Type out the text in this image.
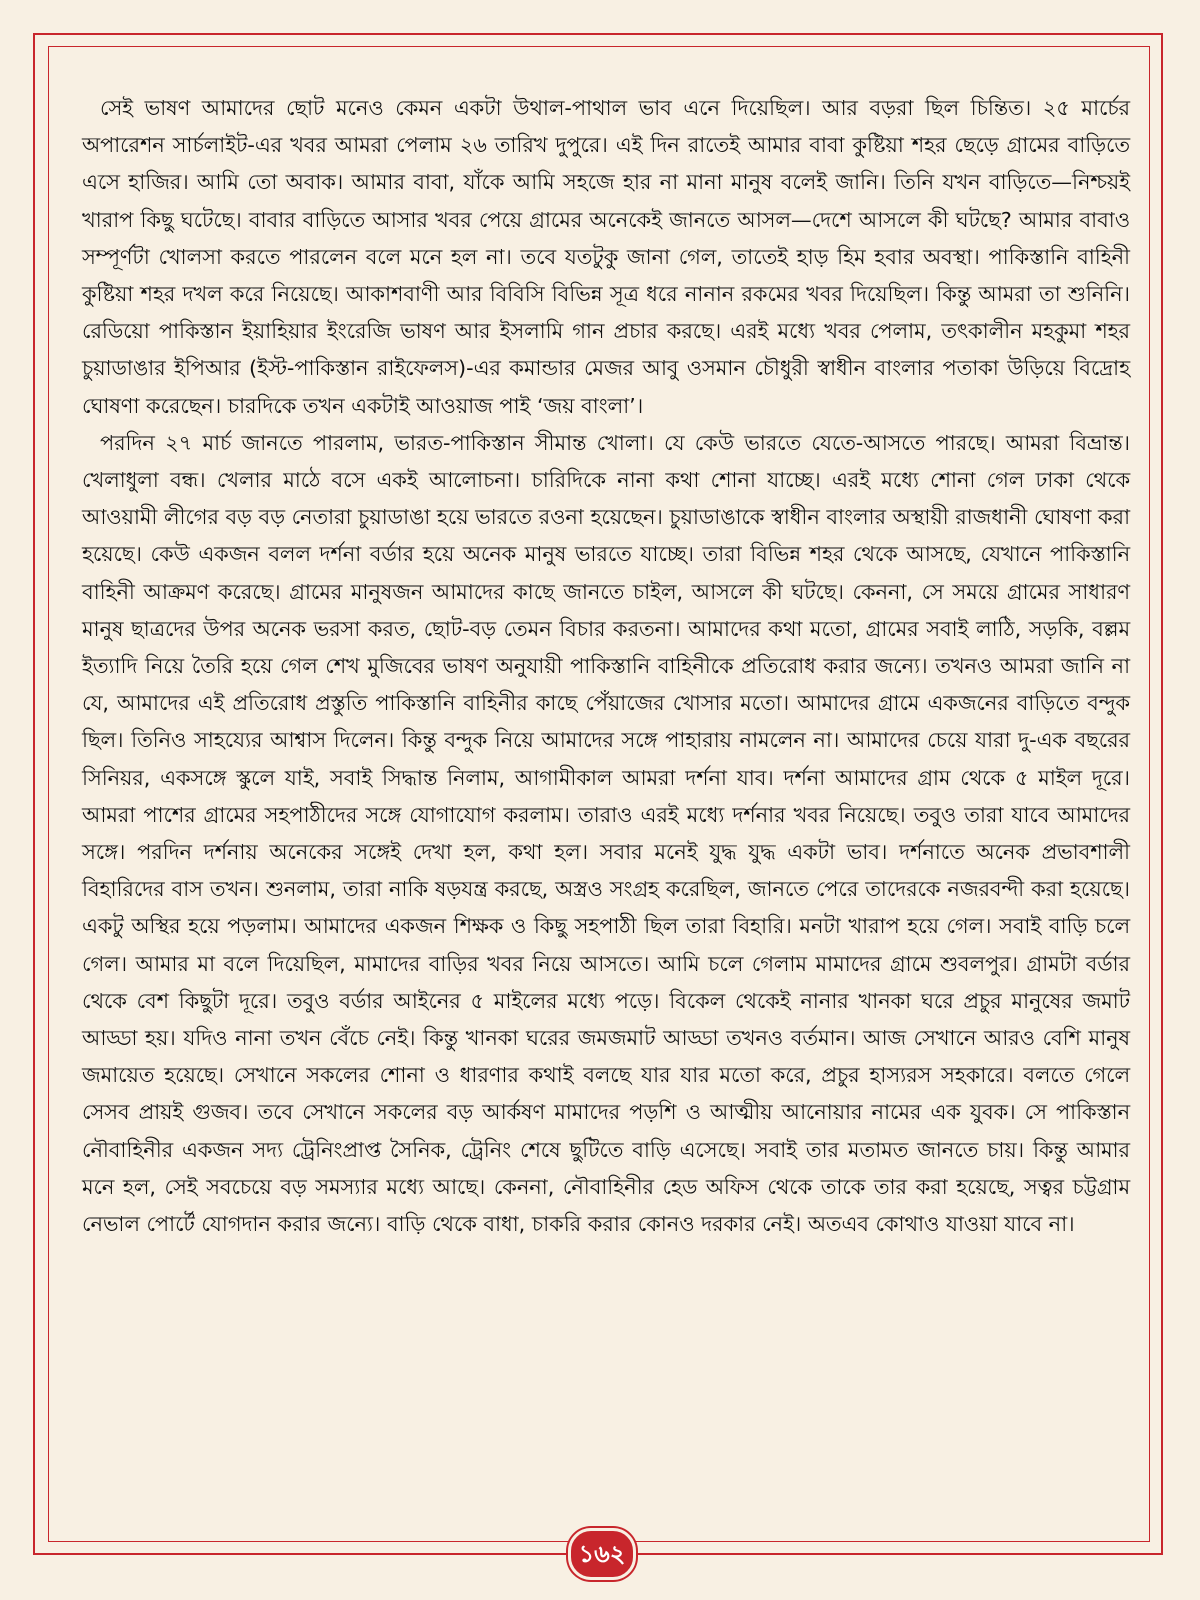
সেই ভাষণ আমাদের ছোট মনেও কেমন একটা উথাল-পাথাল ভাব এনে দিয়েছিল। আর বড়রা ছিল চিন্তিত। ২৫ মার্চের অপারেশন সার্চলাইট-এর খবর আমরা পেলাম ২৬ তারিখ দুপুরে। এই দিন রাতেই আমার বাবা কুষ্টিয়া শহর ছেড়ে গ্রামের বাড়িতে এসে হাজির। আমি তো অবাক। আমার বাবা, যাঁকে আমি সহজে হার না মানা মানুষ বলেই জানি। তিনি যখন বাড়িতে—নিশ্চয়ই খারাপ কিছু ঘটেছে। বাবার বাড়িতে আসার খবর পেয়ে গ্রামের অনেকেই জানতে আসল—দেশে আসলে কী ঘটছে? আমার বাবাও সম্পূর্ণটা খোলসা করতে পারলেন বলে মনে হল না। তবে যতটুকু জানা গেল, তাতেই হাড় হিম হবার অবস্থা। পাকিস্তানি বাহিনী কুষ্টিয়া শহর দখল করে নিয়েছে। আকাশবাণী আর বিবিসি বিভিন্ন সূত্র ধরে নানান রকমের খবর দিয়েছিল। কিন্তু আমরা তা শুনিনি। রেডিয়ো পাকিস্তান ইয়াহিয়ার ইংরেজি ভাষণ আর ইসলামি গান প্রচার করছে। এরই মধ্যে খবর পেলাম, তৎকালীন মহকুমা শহর চুয়াডাঙার ইপিআর (ইস্ট-পাকিস্তান রাইফেলস)-এর কমান্ডার মেজর আবু ওসমান চৌধুরী স্বাধীন বাংলার পতাকা উড়িয়ে বিদ্রোহ ঘোষণা করেছেন। চারদিকে তখন একটাই আওয়াজ পাই ‘জয় বাংলা’।

পরদিন ২৭ মার্চ জানতে পারলাম, ভারত-পাকিস্তান সীমান্ত খোলা। যে কেউ ভারতে যেতে-আসতে পারছে। আমরা বিভ্রান্ত। খেলাধুলা বন্ধ। খেলার মাঠে বসে একই আলোচনা। চারিদিকে নানা কথা শোনা যাচ্ছে। এরই মধ্যে শোনা গেল ঢাকা থেকে আওয়ামী লীগের বড় বড় নেতারা চুয়াডাঙা হয়ে ভারতে রওনা হয়েছেন। চুয়াডাঙাকে স্বাধীন বাংলার অস্থায়ী রাজধানী ঘোষণা করা হয়েছে। কেউ একজন বলল দর্শনা বর্ডার হয়ে অনেক মানুষ ভারতে যাচ্ছে। তারা বিভিন্ন শহর থেকে আসছে, যেখানে পাকিস্তানি বাহিনী আক্রমণ করেছে। গ্রামের মানুষজন আমাদের কাছে জানতে চাইল, আসলে কী ঘটছে। কেননা, সে সময়ে গ্রামের সাধারণ মানুষ ছাত্রদের উপর অনেক ভরসা করত, ছোট-বড় তেমন বিচার করতনা। আমাদের কথা মতো, গ্রামের সবাই লাঠি, সড়কি, বল্লম ইত্যাদি নিয়ে তৈরি হয়ে গেল শেখ মুজিবের ভাষণ অনুযায়ী পাকিস্তানি বাহিনীকে প্রতিরোধ করার জন্যে। তখনও আমরা জানি না যে, আমাদের এই প্রতিরোধ প্রস্তুতি পাকিস্তানি বাহিনীর কাছে পেঁয়াজের খোসার মতো। আমাদের গ্রামে একজনের বাড়িতে বন্দুক ছিল। তিনিও সাহয্যের আশ্বাস দিলেন। কিন্তু বন্দুক নিয়ে আমাদের সঙ্গে পাহারায় নামলেন না। আমাদের চেয়ে যারা দু-এক বছরের সিনিয়র, একসঙ্গে স্কুলে যাই, সবাই সিদ্ধান্ত নিলাম, আগামীকাল আমরা দর্শনা যাব। দর্শনা আমাদের গ্রাম থেকে ৫ মাইল দূরে। আমরা পাশের গ্রামের সহপাঠীদের সঙ্গে যোগাযোগ করলাম। তারাও এরই মধ্যে দর্শনার খবর নিয়েছে। তবুও তারা যাবে আমাদের সঙ্গে। পরদিন দর্শনায় অনেকের সঙ্গেই দেখা হল, কথা হল। সবার মনেই যুদ্ধ যুদ্ধ একটা ভাব। দর্শনাতে অনেক প্রভাবশালী বিহারিদের বাস তখন। শুনলাম, তারা নাকি ষড়যন্ত্র করছে, অস্ত্রও সংগ্রহ করেছিল, জানতে পেরে তাদেরকে নজরবন্দী করা হয়েছে। একটু অস্থির হয়ে পড়লাম। আমাদের একজন শিক্ষক ও কিছু সহপাঠী ছিল তারা বিহারি। মনটা খারাপ হয়ে গেল। সবাই বাড়ি চলে গেল। আমার মা বলে দিয়েছিল, মামাদের বাড়ির খবর নিয়ে আসতে। আমি চলে গেলাম মামাদের গ্রামে শুবলপুর। গ্রামটা বর্ডার থেকে বেশ কিছুটা দূরে। তবুও বর্ডার আইনের ৫ মাইলের মধ্যে পড়ে। বিকেল থেকেই নানার খানকা ঘরে প্রচুর মানুষের জমাট আড্ডা হয়। যদিও নানা তখন বেঁচে নেই। কিন্তু খানকা ঘরের জমজমাট আড্ডা তখনও বর্তমান। আজ সেখানে আরও বেশি মানুষ জমায়েত হয়েছে। সেখানে সকলের শোনা ও ধারণার কথাই বলছে যার যার মতো করে, প্রচুর হাস্যরস সহকারে। বলতে গেলে সেসব প্রায়ই গুজব। তবে সেখানে সকলের বড় আর্কষণ মামাদের পড়শি ও আত্মীয় আনোয়ার নামের এক যুবক। সে পাকিস্তান নৌবাহিনীর একজন সদ্য ট্রেনিংপ্রাপ্ত সৈনিক, ট্রেনিং শেষে ছুটিতে বাড়ি এসেছে। সবাই তার মতামত জানতে চায়। কিন্তু আমার মনে হল, সেই সবচেয়ে বড় সমস্যার মধ্যে আছে। কেননা, নৌবাহিনীর হেড অফিস থেকে তাকে তার করা হয়েছে, সত্বর চট্টগ্রাম নেভাল পোর্টে যোগদান করার জন্যে। বাড়ি থেকে বাধা, চাকরি করার কোনও দরকার নেই। অতএব কোথাও যাওয়া যাবে না।

১৬২
